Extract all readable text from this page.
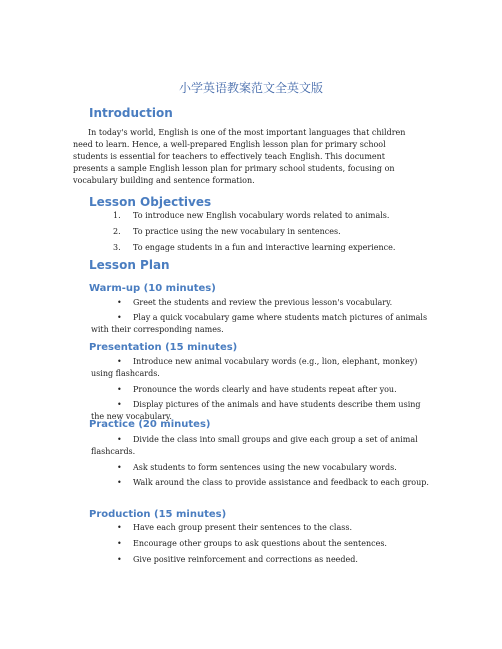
小学英语教案范文全英文版
Introduction
In today's world, English is one of the most important languages that children
need to learn. Hence, a well-prepared English lesson plan for primary school
students is essential for teachers to effectively teach English. This document
presents a sample English lesson plan for primary school students, focusing on
vocabulary building and sentence formation.
Lesson Objectives
1. To introduce new English vocabulary words related to animals.
2. To practice using the new vocabulary in sentences.
3. To engage students in a fun and interactive learning experience.
Lesson Plan
Warm-up (10 minutes)
•	Greet the students and review the previous lesson's vocabulary.
•	Play a quick vocabulary game where students match pictures of animals with their corresponding names.
Presentation (15 minutes)
•	Introduce new animal vocabulary words (e.g., lion, elephant, monkey) using flashcards.
•	Pronounce the words clearly and have students repeat after you.
•	Display pictures of the animals and have students describe them using the new vocabulary.
Practice (20 minutes)
•	Divide the class into small groups and give each group a set of animal flashcards.
•	Ask students to form sentences using the new vocabulary words.
•	Walk around the class to provide assistance and feedback to each group.
Production (15 minutes)
•	Have each group present their sentences to the class.
•	Encourage other groups to ask questions about the sentences.
•	Give positive reinforcement and corrections as needed.
